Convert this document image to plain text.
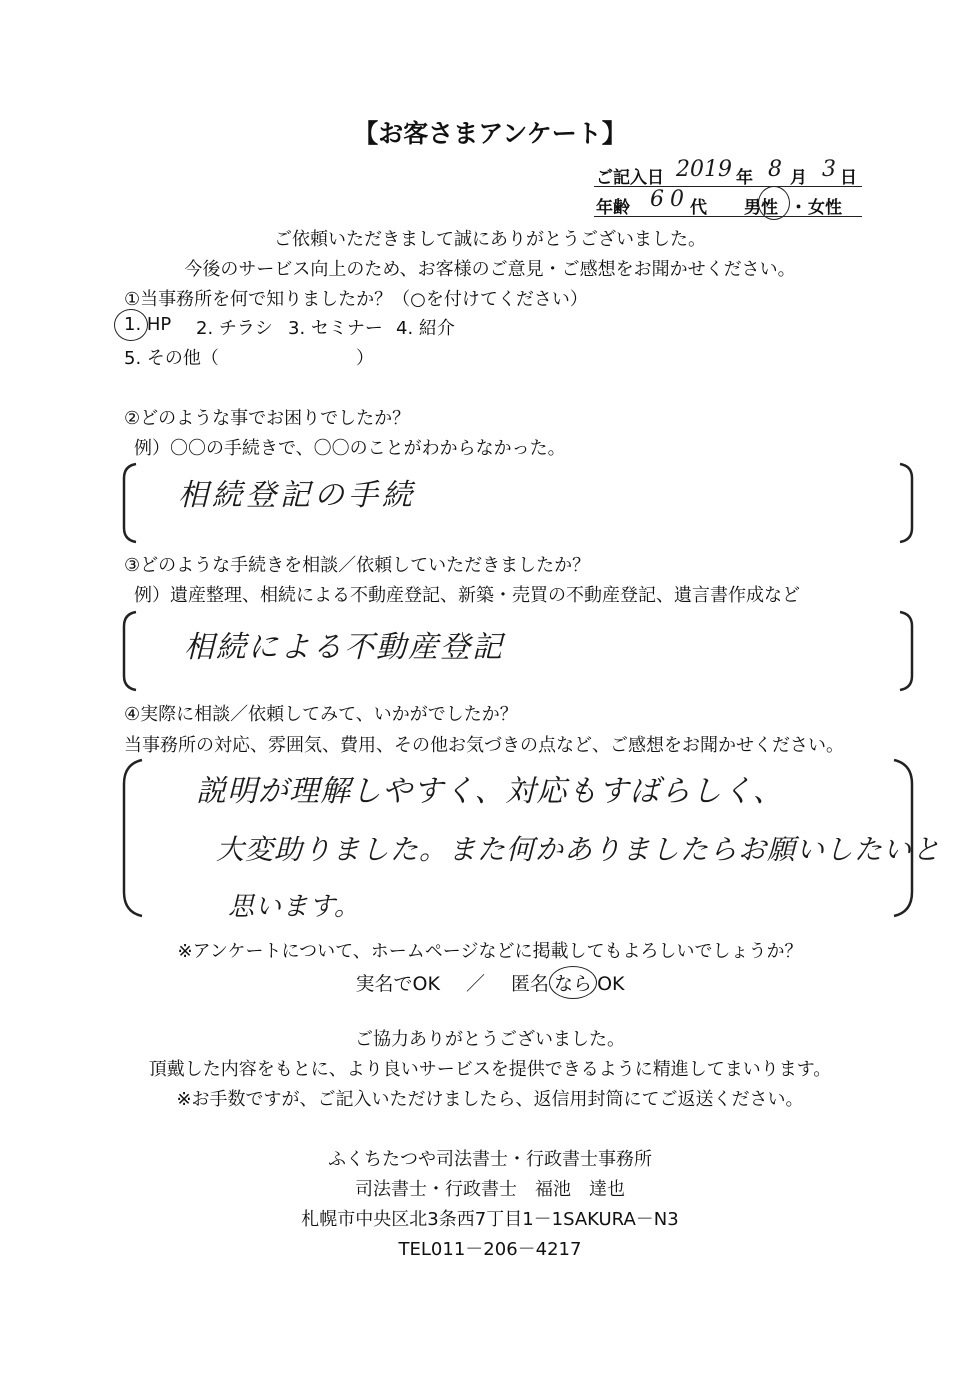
【お客さまアンケート】
ご記入日 2019 年 8 月 3 日
年齢 60 代 男性 ・ 女性
ご依頼いただきまして誠にありがとうございました。
今後のサービス向上のため、お客様のご意見・ご感想をお聞かせください。
①当事務所を何で知りましたか？（○を付けてください）
1. HP 2. チラシ 3. セミナー 4. 紹介
5. その他（	）
②どのような事でお困りでしたか？
例）〇〇の手続きで、〇〇のことがわからなかった。
相続登記の手続
③どのような手続きを相談／依頼していただきましたか？
例）遺産整理、相続による不動産登記、新築・売買の不動産登記、遺言書作成など
相続による不動産登記
④実際に相談／依頼してみて、いかがでしたか？
当事務所の対応、雰囲気、費用、その他お気づきの点など、ご感想をお聞かせください。
説明が理解しやすく、対応もすばらしく、
大変助りました。また何かありましたらお願いしたいと
思います。
※アンケートについて、ホームページなどに掲載してもよろしいでしょうか？
実名でOK ／ 匿名 なら OK
ご協力ありがとうございました。
頂戴した内容をもとに、より良いサービスを提供できるように精進してまいります。
※お手数ですが、ご記入いただけましたら、返信用封筒にてご返送ください。
ふくちたつや司法書士・行政書士事務所
司法書士・行政書士　福池　達也
札幌市中央区北3条西7丁目1－1SAKURA－N3
TEL011－206－4217
